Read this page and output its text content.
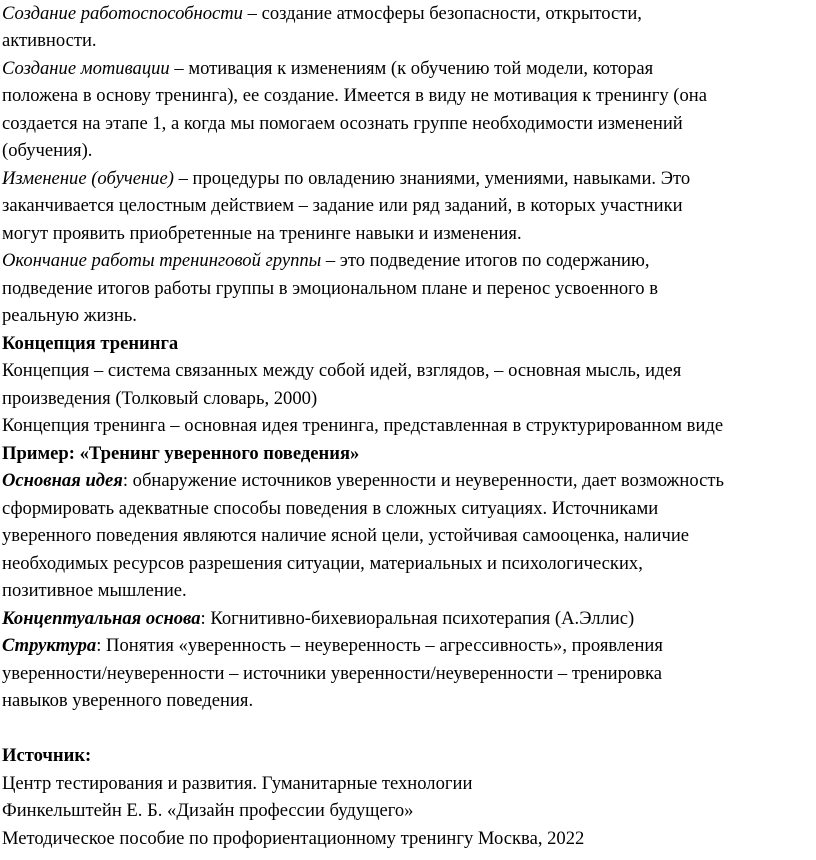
Создание работоспособности – создание атмосферы безопасности, открытости,

активности.

Создание мотивации – мотивация к изменениям (к обучению той модели, которая

положена в основу тренинга), ее создание. Имеется в виду не мотивация к тренингу (она

создается на этапе 1, а когда мы помогаем осознать группе необходимости изменений

(обучения).

Изменение (обучение) – процедуры по овладению знаниями, умениями, навыками. Это

заканчивается целостным действием – задание или ряд заданий, в которых участники

могут проявить приобретенные на тренинге навыки и изменения.

Окончание работы тренинговой группы – это подведение итогов по содержанию,

подведение итогов работы группы в эмоциональном плане и перенос усвоенного в

реальную жизнь.

Концепция тренинга

Концепция – система связанных между собой идей, взглядов, – основная мысль, идея

произведения (Толковый словарь, 2000)

Концепция тренинга – основная идея тренинга, представленная в структурированном виде

Пример: «Тренинг уверенного поведения»

Основная идея: обнаружение источников уверенности и неуверенности, дает возможность

сформировать адекватные способы поведения в сложных ситуациях. Источниками

уверенного поведения являются наличие ясной цели, устойчивая самооценка, наличие

необходимых ресурсов разрешения ситуации, материальных и психологических,

позитивное мышление.

Концептуальная основа: Когнитивно-бихевиоральная психотерапия (А.Эллис)

Структура: Понятия «уверенность – неуверенность – агрессивность», проявления

уверенности/неуверенности – источники уверенности/неуверенности – тренировка

навыков уверенного поведения.

Источник:

Центр тестирования и развития. Гуманитарные технологии

Финкельштейн Е. Б. «Дизайн профессии будущего»

Методическое пособие по профориентационному тренингу Москва, 2022
